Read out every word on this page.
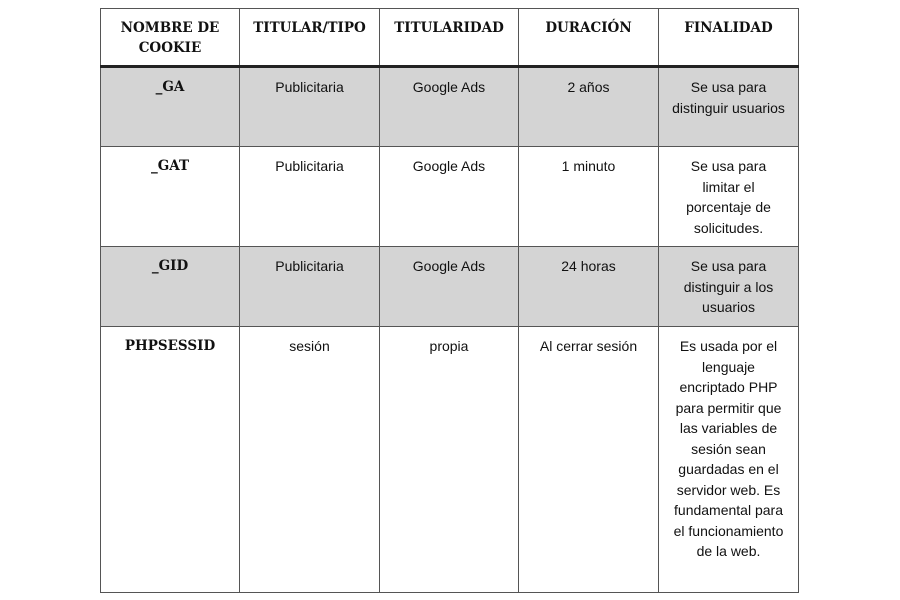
NOMBRE DE COOKIE	TITULAR/TIPO	TITULARIDAD	DURACIÓN	FINALIDAD
_GA	Publicitaria	Google Ads	2 años	Se usa para distinguir usuarios
_GAT	Publicitaria	Google Ads	1 minuto	Se usa para limitar el porcentaje de solicitudes.
_GID	Publicitaria	Google Ads	24 horas	Se usa para distinguir a los usuarios
PHPSESSID	sesión	propia	Al cerrar sesión	Es usada por el lenguaje encriptado PHP para permitir que las variables de sesión sean guardadas en el servidor web. Es fundamental para el funcionamiento de la web.
